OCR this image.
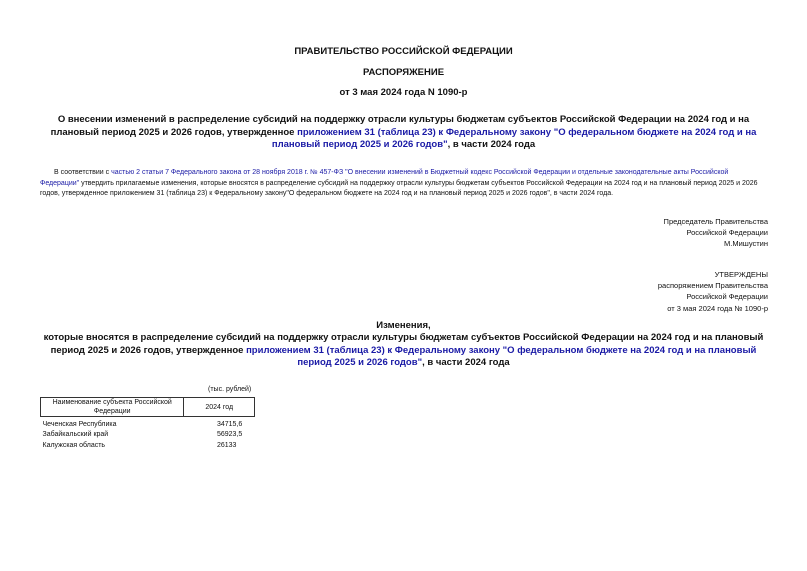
ПРАВИТЕЛЬСТВО РОССИЙСКОЙ ФЕДЕРАЦИИ
РАСПОРЯЖЕНИЕ
от 3 мая 2024 года N 1090-р
О внесении изменений в распределение субсидий на поддержку отрасли культуры бюджетам субъектов Российской Федерации на 2024 год и на плановый период 2025 и 2026 годов, утвержденное приложением 31 (таблица 23) к Федеральному закону "О федеральном бюджете на 2024 год и на плановый период 2025 и 2026 годов", в части 2024 года
В соответствии с частью 2 статьи 7 Федерального закона от 28 ноября 2018 г. № 457-ФЗ "О внесении изменений в Бюджетный кодекс Российской Федерации и отдельные законодательные акты Российской Федерации" утвердить прилагаемые изменения, которые вносятся в распределение субсидий на поддержку отрасли культуры бюджетам субъектов Российской Федерации на 2024 год и на плановый период 2025 и 2026 годов, утвержденное приложением 31 (таблица 23) к Федеральному закону"О федеральном бюджете на 2024 год и на плановый период 2025 и 2026 годов", в части 2024 года.
Председатель Правительства
Российской Федерации
М.Мишустин
УТВЕРЖДЕНЫ
распоряжением Правительства
Российской Федерации
от 3 мая 2024 года № 1090-р
Изменения,
которые вносятся в распределение субсидий на поддержку отрасли культуры бюджетам субъектов Российской Федерации на 2024 год и на плановый период 2025 и 2026 годов, утвержденное приложением 31 (таблица 23) к Федеральному закону "О федеральном бюджете на 2024 год и на плановый период 2025 и 2026 годов", в части 2024 года
(тыс. рублей)
Наименование субъекта Российской Федерации	2024 год
Чеченская Республика	34715,6
Забайкальский край	56923,5
Калужская область	26133
